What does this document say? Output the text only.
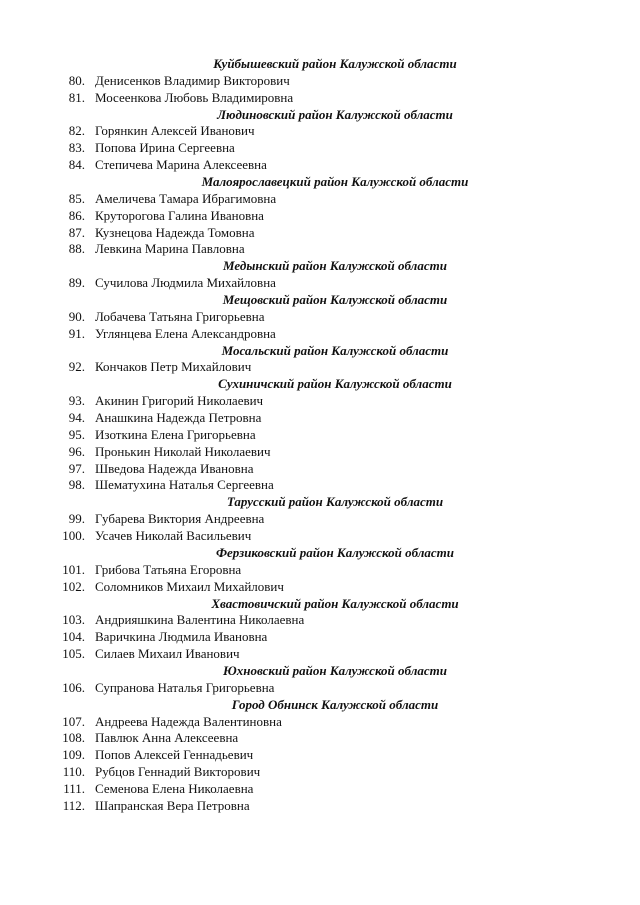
Куйбышевский район Калужской области
80. Денисенков Владимир Викторович
81. Мосеенкова Любовь Владимировна
Людиновский район Калужской области
82. Горянкин Алексей Иванович
83. Попова Ирина Сергеевна
84. Степичева Марина Алексеевна
Малоярославецкий район Калужской области
85. Амеличева Тамара Ибрагимовна
86. Круторогова Галина Ивановна
87. Кузнецова Надежда Томовна
88. Левкина Марина Павловна
Медынский район Калужской области
89. Сучилова Людмила Михайловна
Мещовский район Калужской области
90. Лобачева Татьяна Григорьевна
91. Углянцева Елена Александровна
Мосальский район Калужской области
92. Кончаков Петр Михайлович
Сухиничский район Калужской области
93. Акинин Григорий Николаевич
94. Анашкина Надежда Петровна
95. Изоткина Елена Григорьевна
96. Пронькин Николай Николаевич
97. Шведова Надежда Ивановна
98. Шематухина Наталья Сергеевна
Тарусский район Калужской области
99. Губарева Виктория Андреевна
100. Усачев Николай Васильевич
Ферзиковский район Калужской области
101. Грибова Татьяна Егоровна
102. Соломников Михаил Михайлович
Хвастовичский район Калужской области
103. Андрияшкина Валентина Николаевна
104. Варичкина Людмила Ивановна
105. Силаев Михаил Иванович
Юхновский район Калужской области
106. Супранова Наталья Григорьевна
Город Обнинск Калужской области
107. Андреева Надежда Валентиновна
108. Павлюк Анна Алексеевна
109. Попов Алексей Геннадьевич
110. Рубцов Геннадий Викторович
111. Семенова Елена Николаевна
112. Шапранская Вера Петровна
